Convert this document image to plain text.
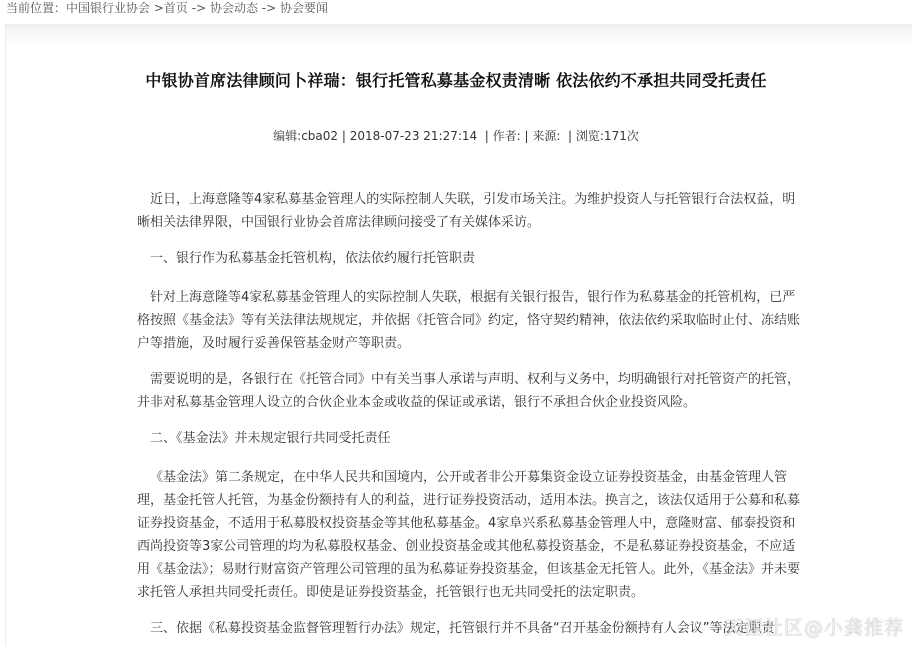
当前位置：中国银行业协会 >首页 -> 协会动态 -> 协会要闻
中银协首席法律顾问卜祥瑞：银行托管私募基金权责清晰 依法依约不承担共同受托责任
编辑:cba02 | 2018-07-23 21:27:14  | 作者: | 来源:  | 浏览:171次

近日，上海意隆等4家私募基金管理人的实际控制人失联，引发市场关注。为维护投资人与托管银行合法权益，明晰相关法律界限，中国银行业协会首席法律顾问接受了有关媒体采访。

一、银行作为私募基金托管机构，依法依约履行托管职责

针对上海意隆等4家私募基金管理人的实际控制人失联，根据有关银行报告，银行作为私募基金的托管机构，已严格按照《基金法》等有关法律法规规定，并依据《托管合同》约定，恪守契约精神，依法依约采取临时止付、冻结账户等措施，及时履行妥善保管基金财产等职责。

需要说明的是，各银行在《托管合同》中有关当事人承诺与声明、权利与义务中，均明确银行对托管资产的托管，并非对私募基金管理人设立的合伙企业本金或收益的保证或承诺，银行不承担合伙企业投资风险。

二、《基金法》并未规定银行共同受托责任

《基金法》第二条规定，在中华人民共和国境内，公开或者非公开募集资金设立证券投资基金，由基金管理人管理，基金托管人托管，为基金份额持有人的利益，进行证券投资活动，适用本法。换言之，该法仅适用于公募和私募证券投资基金，不适用于私募股权投资基金等其他私募基金。4家阜兴系私募基金管理人中，意隆财富、郁泰投资和西尚投资等3家公司管理的均为私募股权基金、创业投资基金或其他私募投资基金，不是私募证券投资基金，不应适用《基金法》；易财行财富资产管理公司管理的虽为私募证券投资基金，但该基金无托管人。此外，《基金法》并未要求托管人承担共同受托责任。即使是证券投资基金，托管银行也无共同受托的法定职责。

三、依据《私募投资基金监督管理暂行办法》规定，托管银行并不具备“召开基金份额持有人会议”等法定职责

天涯社区@小龚推荐
